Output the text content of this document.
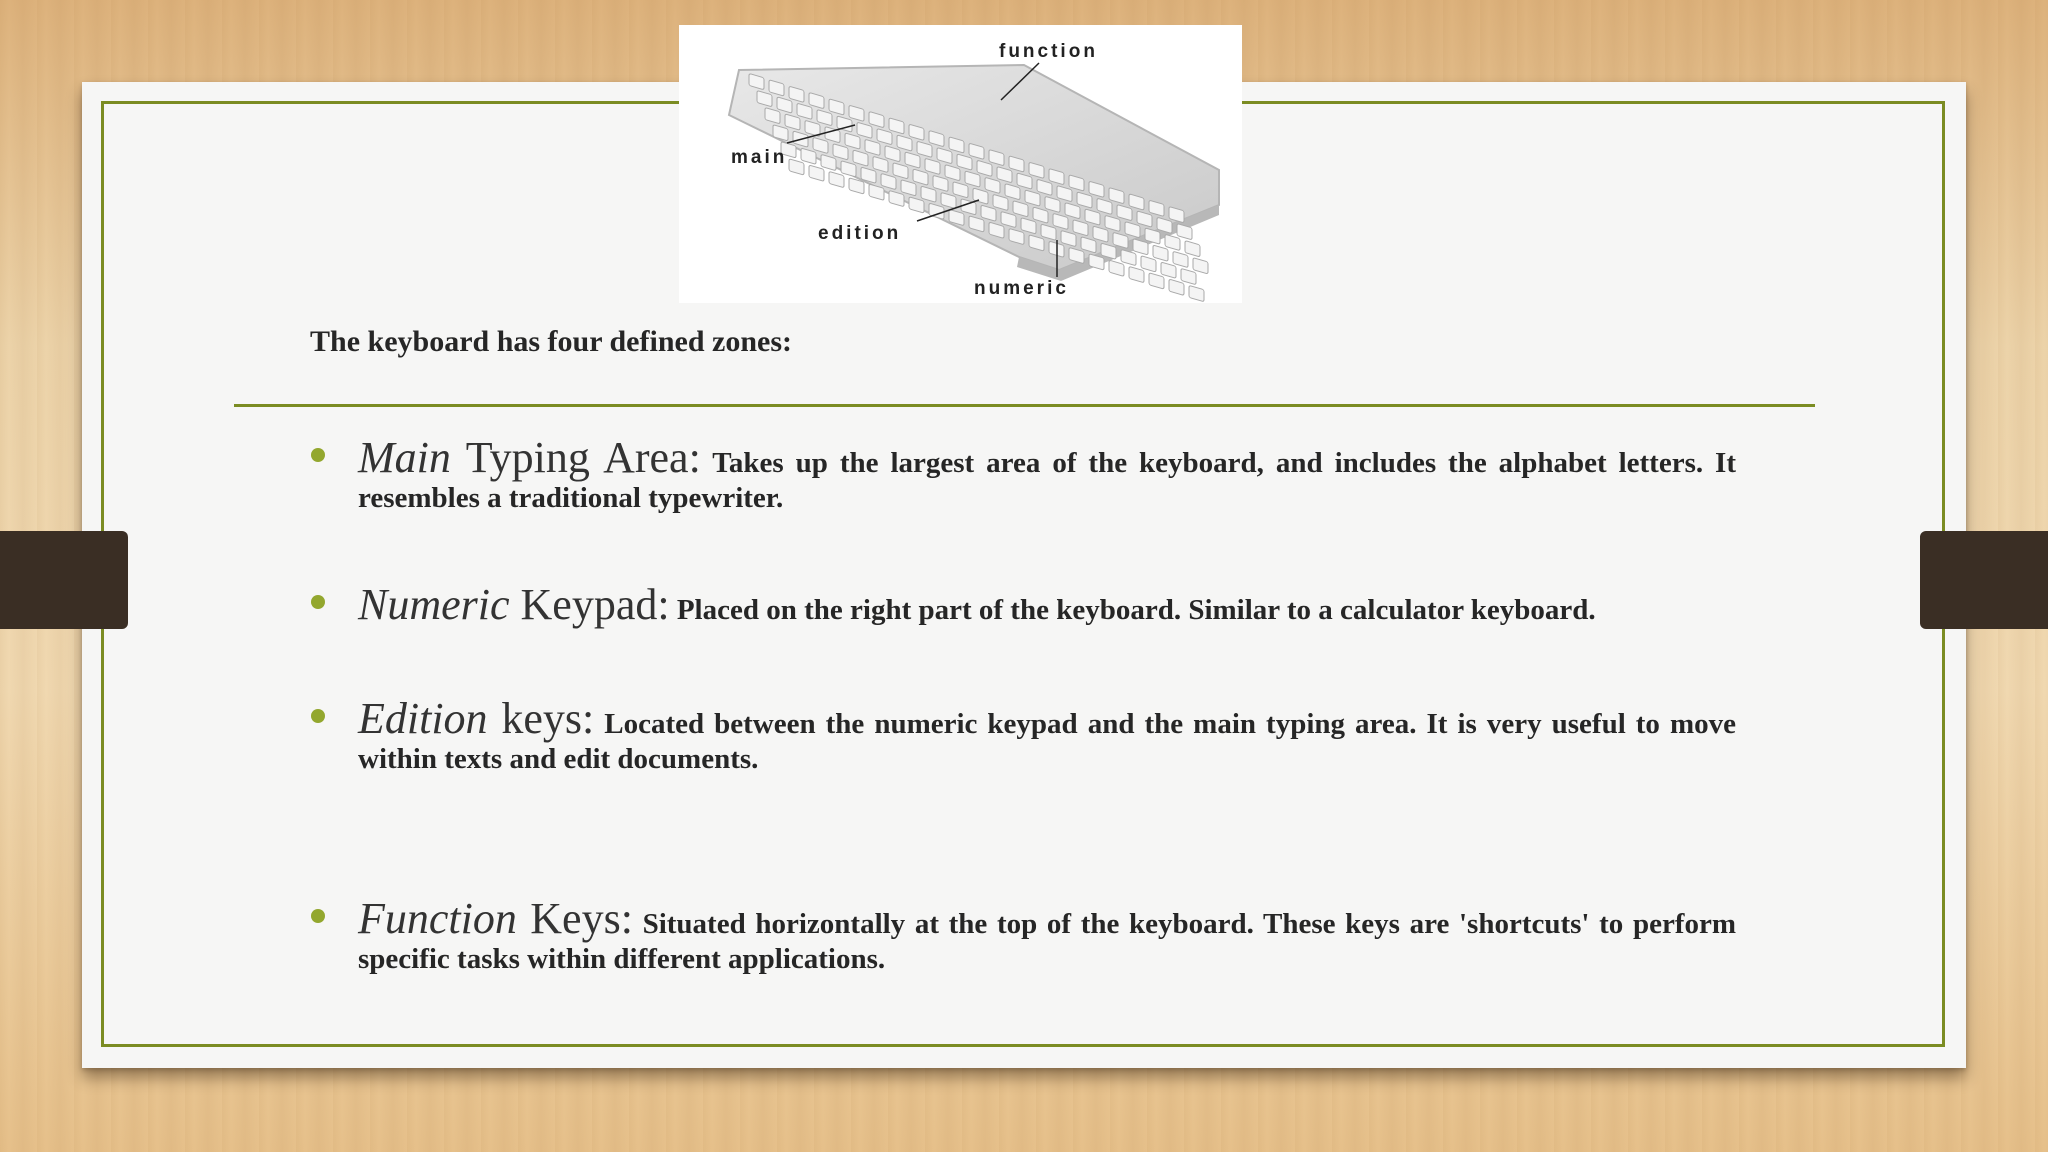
function
main
edition
numeric
The keyboard has four defined zones:
Main Typing Area: Takes up the largest area of the keyboard, and includes the alphabet letters. It resembles a traditional typewriter.
Numeric Keypad: Placed on the right part of the keyboard. Similar to a calculator keyboard.
Edition keys: Located between the numeric keypad and the main typing area. It is very useful to move within texts and edit documents.
Function Keys: Situated horizontally at the top of the keyboard. These keys are 'shortcuts' to perform specific tasks within different applications.
